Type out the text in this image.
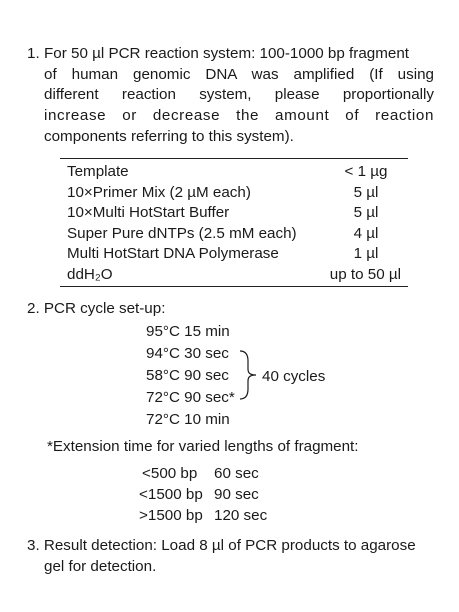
1. For 50 µl PCR reaction system: 100-1000 bp fragment
of human genomic DNA was amplified (If using
different reaction system, please proportionally
increase or decrease the amount of reaction
components referring to this system).
Template	< 1 µg
10×Primer Mix (2 µM each)	5 µl
10×Multi HotStart Buffer	5 µl
Super Pure dNTPs (2.5 mM each)	4 µl
Multi HotStart DNA Polymerase	1 µl
ddH₂O	up to 50 µl
2. PCR cycle set-up:
95°C 15 min
94°C 30 sec
58°C 90 sec
72°C 90 sec*
72°C 10 min
40 cycles
*Extension time for varied lengths of fragment:
<500 bp 60 sec
<1500 bp 90 sec
>1500 bp 120 sec
3. Result detection: Load 8 µl of PCR products to agarose
gel for detection.
